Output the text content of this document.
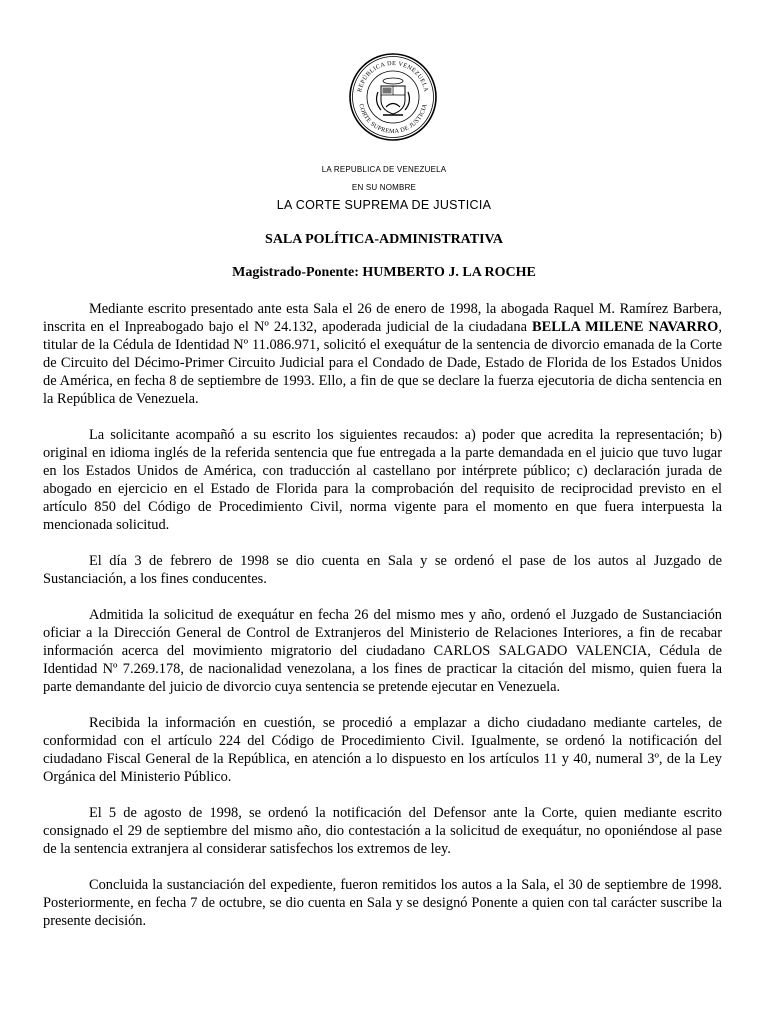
REPÚBLICA DE VENEZUELA
CORTE SUPREMA DE JUSTICIA
LA REPUBLICA DE VENEZUELA
EN SU NOMBRE
LA CORTE SUPREMA DE JUSTICIA
SALA POLÍTICA-ADMINISTRATIVA
Magistrado-Ponente: HUMBERTO J. LA ROCHE

Mediante escrito presentado ante esta Sala el 26 de enero de 1998, la abogada Raquel M. Ramírez Barbera, inscrita en el Inpreabogado bajo el Nº 24.132, apoderada judicial de la ciudadana BELLA MILENE NAVARRO, titular de la Cédula de Identidad Nº 11.086.971, solicitó el exequátur de la sentencia de divorcio emanada de la Corte de Circuito del Décimo-Primer Circuito Judicial para el Condado de Dade, Estado de Florida de los Estados Unidos de América, en fecha 8 de septiembre de 1993. Ello, a fin de que se declare la fuerza ejecutoria de dicha sentencia en la República de Venezuela.

La solicitante acompañó a su escrito los siguientes recaudos: a) poder que acredita la representación; b) original en idioma inglés de la referida sentencia que fue entregada a la parte demandada en el juicio que tuvo lugar en los Estados Unidos de América, con traducción al castellano por intérprete público; c) declaración jurada de abogado en ejercicio en el Estado de Florida para la comprobación del requisito de reciprocidad previsto en el artículo 850 del Código de Procedimiento Civil, norma vigente para el momento en que fuera interpuesta la mencionada solicitud.

El día 3 de febrero de 1998 se dio cuenta en Sala y se ordenó el pase de los autos al Juzgado de Sustanciación, a los fines conducentes.

Admitida la solicitud de exequátur en fecha 26 del mismo mes y año, ordenó el Juzgado de Sustanciación oficiar a la Dirección General de Control de Extranjeros del Ministerio de Relaciones Interiores, a fin de recabar información acerca del movimiento migratorio del ciudadano CARLOS SALGADO VALENCIA, Cédula de Identidad Nº 7.269.178, de nacionalidad venezolana, a los fines de practicar la citación del mismo, quien fuera la parte demandante del juicio de divorcio cuya sentencia se pretende ejecutar en Venezuela.

Recibida la información en cuestión, se procedió a emplazar a dicho ciudadano mediante carteles, de conformidad con el artículo 224 del Código de Procedimiento Civil. Igualmente, se ordenó la notificación del ciudadano Fiscal General de la República, en atención a lo dispuesto en los artículos 11 y 40, numeral 3º, de la Ley Orgánica del Ministerio Público.

El 5 de agosto de 1998, se ordenó la notificación del Defensor ante la Corte, quien mediante escrito consignado el 29 de septiembre del mismo año, dio contestación a la solicitud de exequátur, no oponiéndose al pase de la sentencia extranjera al considerar satisfechos los extremos de ley.

Concluida la sustanciación del expediente, fueron remitidos los autos a la Sala, el 30 de septiembre de 1998. Posteriormente, en fecha 7 de octubre, se dio cuenta en Sala y se designó Ponente a quien con tal carácter suscribe la presente decisión.
